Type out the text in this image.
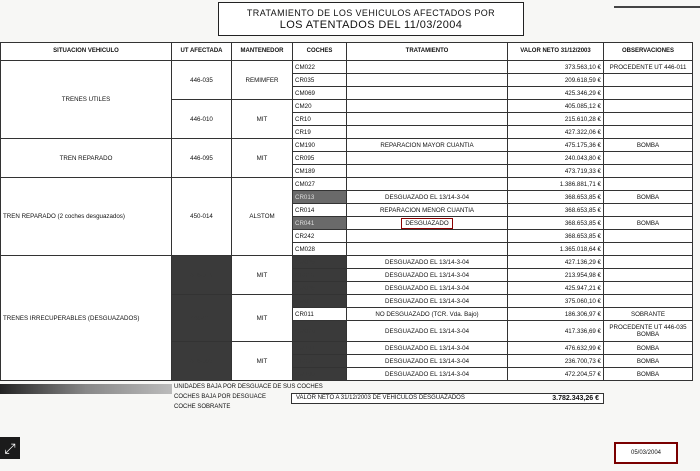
TRATAMIENTO DE LOS VEHICULOS AFECTADOS POR
LOS ATENTADOS DEL 11/03/2004
SITUACION VEHICULO	UT AFECTADA	MANTENEDOR	COCHES	TRATAMIENTO	VALOR NETO 31/12/2003	OBSERVACIONES
TRENES UTILES	446-035	REMIMFER	CM022		373.563,10 €	PROCEDENTE UT 446-011
			CR035		209.618,59 €	
			CM069		425.346,29 €	
	446-010	MIT	CM20		405.085,12 €	
			CR10		215.610,28 €	
			CR19		427.322,06 €	
TREN REPARADO	446-095	MIT	CM190	REPARACION MAYOR CUANTIA	475.175,36 €	BOMBA
			CR095		240.043,80 €	
			CM189		473.719,33 €	
TREN REPARADO (2 coches desguazados)	450-014	ALSTOM	CM027		1.386.881,71 €	
			CR013	DESGUAZADO EL 13/14-3-04	368.653,85 €	BOMBA
			CR014	REPARACION MENOR CUANTIA	368.653,85 €	
			CR041	DESGUAZADO	368.653,85 €	BOMBA
			CR242		368.653,85 €	
			CM028		1.365.018,64 €	
TRENES IRRECUPERABLES (DESGUAZADOS)	446-018	MIT	CM035	DESGUAZADO EL 13/14-3-04	427.136,29 €	
			CR018	DESGUAZADO EL 13/14-3-04	213.954,98 €	
			CM036	DESGUAZADO EL 13/14-3-04	425.947,21 €	
	446-011	MIT	CM021	DESGUAZADO EL 13/14-3-04	375.060,10 €	
			CR011	NO DESGUAZADO (TCR. Vda. Bajo)	186.306,97 €	SOBRANTE
			CM078	DESGUAZADO EL 13/14-3-04	417.336,69 €	PROCEDENTE UT 446-035 BOMBA
	446-095	MIT	CM191	DESGUAZADO EL 13/14-3-04	476.632,99 €	BOMBA
			CR096	DESGUAZADO EL 13/14-3-04	236.700,73 €	BOMBA
			CM190	DESGUAZADO EL 13/14-3-04	472.204,57 €	BOMBA
UNIDADES BAJA POR DESGUACE DE SUS COCHES
COCHES BAJA POR DESGUACE
COCHE SOBRANTE
VALOR NETO A 31/12/2003 DE VEHICULOS DESGUAZADOS	3.782.343,26 €
05/03/2004
⤢
